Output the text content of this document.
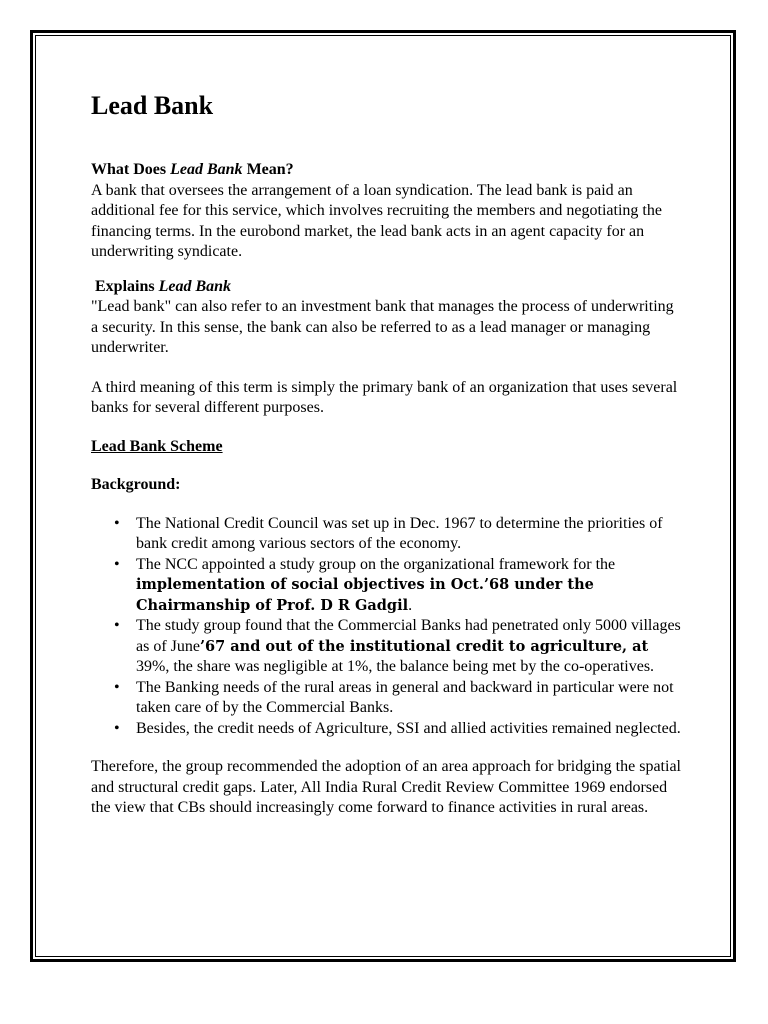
Lead Bank

What Does Lead Bank Mean?

A bank that oversees the arrangement of a loan syndication. The lead bank is paid an additional fee for this service, which involves recruiting the members and negotiating the financing terms. In the eurobond market, the lead bank acts in an agent capacity for an underwriting syndicate.

Explains Lead Bank

"Lead bank" can also refer to an investment bank that manages the process of underwriting a security. In this sense, the bank can also be referred to as a lead manager or managing underwriter.

A third meaning of this term is simply the primary bank of an organization that uses several banks for several different purposes.

Lead Bank Scheme

Background:

• The National Credit Council was set up in Dec. 1967 to determine the priorities of bank credit among various sectors of the economy.
• The NCC appointed a study group on the organizational framework for the implementation of social objectives in Oct.’68 under the Chairmanship of Prof. D R Gadgil.
• The study group found that the Commercial Banks had penetrated only 5000 villages as of June’67 and out of the institutional credit to agriculture, at 39%, the share was negligible at 1%, the balance being met by the co-operatives.
• The Banking needs of the rural areas in general and backward in particular were not taken care of by the Commercial Banks.
• Besides, the credit needs of Agriculture, SSI and allied activities remained neglected.

Therefore, the group recommended the adoption of an area approach for bridging the spatial and structural credit gaps. Later, All India Rural Credit Review Committee 1969 endorsed the view that CBs should increasingly come forward to finance activities in rural areas.
